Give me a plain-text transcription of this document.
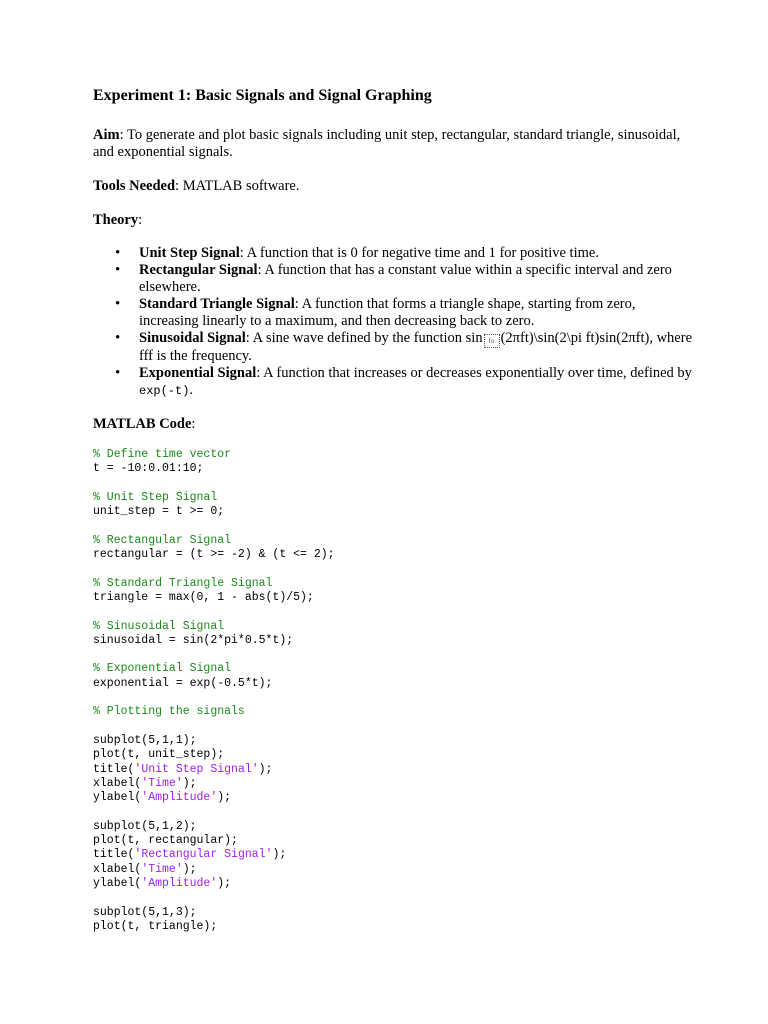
Experiment 1: Basic Signals and Signal Graphing

Aim: To generate and plot basic signals including unit step, rectangular, standard triangle, sinusoidal, and exponential signals.

Tools Needed: MATLAB software.

Theory:

• Unit Step Signal: A function that is 0 for negative time and 1 for positive time.
• Rectangular Signal: A function that has a constant value within a specific interval and zero elsewhere.
• Standard Triangle Signal: A function that forms a triangle shape, starting from zero, increasing linearly to a maximum, and then decreasing back to zero.
• Sinusoidal Signal: A sine wave defined by the function sin fo (2πft)\sin(2\pi ft)sin(2πft), where fff is the frequency.
• Exponential Signal: A function that increases or decreases exponentially over time, defined by exp(-t).

MATLAB Code:

% Define time vector
t = -10:0.01:10;
% Unit Step Signal
unit_step = t >= 0;
% Rectangular Signal
rectangular = (t >= -2) & (t <= 2);
% Standard Triangle Signal
triangle = max(0, 1 - abs(t)/5);
% Sinusoidal Signal
sinusoidal = sin(2*pi*0.5*t);
% Exponential Signal
exponential = exp(-0.5*t);
% Plotting the signals
subplot(5,1,1);
plot(t, unit_step);
title('Unit Step Signal');
xlabel('Time');
ylabel('Amplitude');
subplot(5,1,2);
plot(t, rectangular);
title('Rectangular Signal');
xlabel('Time');
ylabel('Amplitude');
subplot(5,1,3);
plot(t, triangle);
